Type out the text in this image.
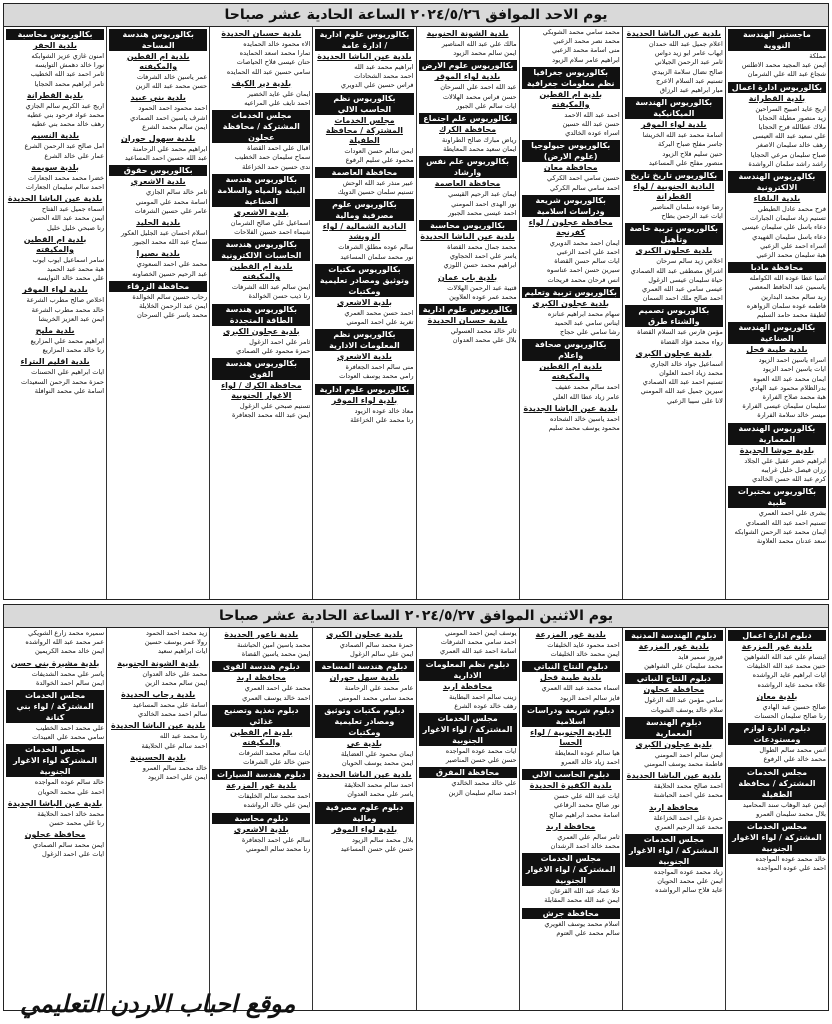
يوم الاحد الموافق ٢٠٢٤/٥/٢٦ الساعة الحادية عشر صباحا
ماجستير الهندسة النووية
مملكة
ايمن عبد المجيد محمد الاطلس
شجاع عبد الله علي الشرمان
بكالوريوس ادارة اعمال
بلدية القطرانة
اريج عايد اصبيح السراحين
زيد منصور مطيلة الحجايا
ملاك عطالله فرح الحجايا
علي سعيد عبد الله العيسى
رهف خالد سليمان الاصغر
صباح سليمان مرعي الحجايا
راشد راشد سلمان الرواشدة
بكالوريوس الهندسة الالكترونية
بلدية البلقاء
فرح محمد عادل الطيطي
تسنيم زياد سليمان الجبارات
دعاء باسل علي سليمان عيسى
دعاء باسل سليمان الفهيدي
اسراء احمد علي الزعبي
هبة سليمان محمد الزعبي
محافظة مادبا
اسيا عطا عوده الله الكوامله
ياسمين عبد الحافظ المعصي
زيد سالم محمد البدارين
فاطمه عوده سلمان الزواهره
لطيفة محمد حامد السليم
بكالوريوس الهندسة الصناعية
بلدية طيبة قحل
اسراء ياسين احمد الزيود
ايات ياسين احمد الزيود
ايمان محمد عبد الله العبوه
بدرالظلام محمود عبد الهادي
هبة محمد صلاح الفرارة
سليمان سليمان عيسى الفرارة
ميسر خالد سلامة الفرارة
بكالوريوس الهندسة المعمارية
بلدية حوشا الجديدة
ابراهيم خضر عقيل علي الجلاد
رزان فيصل خليل غرايبه
كرم عبد الله حسن الخالدي
بكالوريوس مختبرات طبية
بشرى علي احمد العمري
تسنيم احمد عبد الله الصمادي
ايمان محمد عبد الرحمن الشوابكه
سعد عدنان محمد العلاونة
بلدية عين الباشا الجديدة
اعلام جميل عبد الله حمدان
ايهاب عامر ابو زيد دواس
ثامر عبد الرحمن الجيلاني
صالح نضال سلامة الزبيدي
تسنيم عبد السلام الاعرج
ميار ابراهيم عبد الرزاق
بكالوريوس الهندسة الميكانيكية
بلدية لواء الموقر
اسامة محمد عبد الله الخريشا
جاسر مفلح صباح البركة
حنين سليم فلاح الزيود
منصور مفلح علي المساعيد
بكالوريوس تاريخ تاريخ
البادية الجنوبية / لواء القطرانة
رضا عوده سلمان المناصير
ايات عبد الرحمن بطاح
بكالوريوس تربية خاصة وتأهيل
بلدية عجلون الكبرى
اخلاص زيد سالم سرحان
اشراق مصطفى عبد الله الصمادي
حياة سليمان عيسى الزغول
عيسى سامي عبد الله العمري
احمد صالح ملك احمد السمان
بكالوريوس تصميم والشتاء طرق
مؤمن فارس عبد السلام القضاة
رواء محمد فؤاد القضاة
بلدية عجلون الكبرى
اسماعيل جواد خالد الجاري
محمد زياد احمد العلوان
تسنيم احمد عبد الله الصمادي
سيرين جميل عبد الله المومني
لانا على سيبا الزعبي
محمد سامي محمد الشوبكي
محمد نصر محمد الزعبي
منى اسامة محمد الزعبي
ابراهيم عامر سلام الزيود
بكالوريوس جغرافيا نظم معلومات جغرافية
بلدية ام القطين والمكيفته
احمد عبد الله الاحمد
حسن عبد الله حسين
اسراء عوده الخالدي
بكالوريوس جيولوجيا (علوم الارض)
محافظة معان
حسين سامي احمد الكركي
احمد سامي سالم الكركي
بكالوريوس شريعة ودراسات اسلامية
محافظة عجلون / لواء كفرنجة
ايمان احمد محمد الدويري
احمد علي احمد الزعبي
ايات سالم حسن القضاة
سيرين حسن احمد عناسوه
انس فرحان محمد فريحات
بكالوريوس تربية وتعليم
بلدية عجلون الكبرى
سهام محمد ابراهيم عنانزه
ايناس سامي عبد الحميد
رشا سامي علي حجاج
بكالوريوس صحافة واعلام
بلدية ام القطين والمكيفته
احمد سالم محمد عفيف
عامر زياد عطا الله العلي
بلدية عين الباشا الجديدة
احمد ياسين خالد الشحاده
محمود يوسف محمد سليم
بلدية الشونة الجنوبية
مالك علي عبد الله المناصير
ايمن سالم محمد الزيود
بكالوريوس علوم الارض
بلدية لواء الموقر
عبد الله احمد علي السرحان
حسن فراس محمد الهلالات
ايات سالم علي الجبور
بكالوريوس علم اجتماع
محافظة الكرك
رياض مبارك صالح الطراونة
ايمان سعيد محمد المعايطة
بكالوريوس علم نفس وارشاد
محافظة العاصمة
ايمان عبد الرحيم القيسي
نور الهدى احمد المومني
احمد عيسى محمد الجبور
بكالوريوس محاسبة
بلدية عين الباشا الجديدة
محمد جمال محمد القضاة
ياسر علي احمد الحجاوي
ابراهيم محمد حسن اللوزي
بلدية باب عمان
قتيبة عبد الرحمن الهلالات
محمد عمر عوده العلاوين
بكالوريوس علوم ادارية
بلدية حسبان الجديدة
ثائر خالد محمد العسولي
بلال علي محمد العدوان
بكالوريوس علوم ادارية / ادارة عامة
بلدية عين الباشا الجديدة
ابراهيم محمد عبد الله
احمد محمد الشحادات
فراس حسين علي الدويري
بكالوريوس نظم الحاسب الالي
مجلس الخدمات المشتركة / محافظة الطفيلة
ايمن سالم حسن العودات
محمود علي سليم الرفوع
محافظة العاصمة
عبير منذر عبد الله الوحش
تسنيم سلمان حسين الدويك
بكالوريوس علوم مصرفية ومالية
البادية الشمالية / لواء الرويشد
سالم عوده مطلق الشرفات
نور محمد سلمان المساعيد
بكالوريوس مكتبات وتوثيق ومصادر تعليمية ومكتبات
بلدية الاشعري
احمد حسن محمد العمري
تغريد علي احمد المومني
بكالوريوس نظم المعلومات الادارية
بلدية الاشعري
منى سالم احمد الجعافرة
رامي محمد يوسف العودات
بكالوريوس علوم ادارية
بلدية لواء الموقر
معاذ خالد عوده الزيود
رنا محمد علي الخزاعلة
بلدية حسبان الجديدة
الاء محمود خالد الحمايده
تمارا محمد اسعد الحمايده
حنان عيسى فلاح الحياصات
سامي حسين عبد الله الحمايده
بلدية دير الكيف
ايمان علي عايد الخضير
احمد نايف علي المراعيه
مجلس الخدمات المشتركة / محافظة عجلون
اقبال علي احمد القضاة
سماح سليمان حمد الخطيب
ندى حسين حمد الخزاعلة
بكالوريوس هندسة البيئة والمياه والسلامة الصناعية
بلدية الاشعري
اسماعيل علي صالح الشرمان
شيماء احمد حسين الفلاحات
بكالوريوس هندسة الحاسبات الالكترونية
بلدية ام القطين والمكيفته
ايمن سالم عبد الله الشرفات
رنا ذيب حسن الخوالدة
بكالوريوس هندسة الطاقة المتجددة
بلدية عجلون الكبرى
ثامر علي احمد الزغول
حمزة محمود علي الصمادي
بكالوريوس هندسة القوى
محافظة الكرك / لواء الاغوار الجنوبية
تسنيم صبحي علي الزغول
ايمن عبد الله محمد الجعافرة
بكالوريوس هندسة المساحة
بلدية ام القطين والمكيفته
عمر ياسين خالد الشرفات
حسن محمد عبد الله الزبن
بلدية بني عبيد
احمد محمود احمد الحمود
اشرف ياسين احمد الصمادي
ايمن سالم محمد الشرع
بلدية سهول حوران
ابراهيم محمد علي الرحامنة
عبد الله حسين احمد المساعيد
بكالوريوس حقوق
بلدية الاشعري
ثامر خالد سالم الجازي
اسامة محمد علي المومني
عامر علي حسين الشرفات
بلدية الجليد
اسلام احسان عبد الجليل العكور
سماح عبد الله محمد الجبور
بلدية بصيرا
محمد علي احمد السعودي
عبد الرحيم حسين الخصاونه
محافظة الزرقاء
رحاب حسين سالم الخوالدة
ايمن عبد الرحمن الخلايلة
محمد ياسر علي السرحان
بكالوريوس محاسبة
بلدية الجفر
امنون غازي عزيز الشوابكه
نورا خالد دهمش التوايسه
ثامر احمد عبد الله الخطيب
تامر ابراهيم محمد الحجايا
بلدية القطرانة
اريج عبد الكريم سالم الجازي
محمد عواد فرحود بني عطيه
رهف خالد محمد بني عطيه
بلدية النسيم
امل صالح عبد الرحمن الشرع
عمار علي خالد الشرع
بلدية سويمة
خضرا محمد محمد الجعارات
احمد سالم سليمان الجعارات
بلدية عين الباشا الجديدة
اسماء جميل عبد الفتاح
ايمن محمد عبد الله الحسن
رنا صبحي خليل خليل
بلدية ام القطين والمكيفته
سامر اسماعيل ايوب ايوب
هبة محمد عبد الحميد
علي محمد خالد النوايسه
بلدية لواء الموقر
اخلاص صالح مطرب الشرعة
خالد محمد مطرب الشرعة
ايمن عبد العزيز الخريشا
بلدية مليح
ابراهيم محمد علي المزاريع
رنا خالد محمد المزاريع
بلدية اقليم البتراء
ايات ابراهيم علي الحسنات
حمزة محمد الرحمن السعيدات
اسامة علي محمد النوافلة
يوم الاثنين الموافق ٢٠٢٤/٥/٢٧ الساعة الحادية عشر صباحا
دبلوم ادارة اعمال
بلدية غور المزرعة
ابتسام علي عبد الله الشواهين
حنين محمد عبد الله الخليفات
ايات ابراهيم عايد الرواشده
علاء محمد عايد الرواشده
بلدية معان
صالح حسين عبد الهادي
رنا صالح سليمان الحسنات
دبلوم ادارة لوازم ومستودعات
انس محمد سالم الطوال
محمد خالد علي الرفوع
مجلس الخدمات المشتركة / محافظة الطفيلة
ايمن عبد الوهاب سند المحاميد
بلال محمد سليمان العمرو
مجلس الخدمات المشتركة / لواء الاغوار الجنوبية
خالد محمد عوده المواجده
احمد علي عوده المواجده
دبلوم الهندسة المدنية
بلدية غور المزرعة
فيروز سمير قايد
محمد سليمان علي الشواهين
دبلوم النتاج النباتي
محافظة عجلون
سامي مؤمن عبد الله الزغول
سلام خالد يوسف الشويات
دبلوم الهندسة المعمارية
بلدية عجلون الكبرى
ايمن سالم احمد المومني
فاطمة محمد يوسف المومني
بلدية عين الباشا الجديدة
احمد صالح محمد الحلايقة
محمد علي احمد الحباشنة
محافظة اربد
حمزة علي احمد الخزاعلة
محمد عبد الرحيم العمري
مجلس الخدمات المشتركة / لواء الاغوار الجنوبية
زياد محمد عوده المواجده
ايمن علي محمد الحويان
عايد فلاح سالم الرواشده
بلدية غور المزرعة
احمد محمود عايد الخليفات
ايمن محمد خالد الخليفات
دبلوم النتاج النباتي
بلدية طيبة قحل
اسماء محمد عبد الله العمري
فايز سالم احمد الزيود
دبلوم شريعة ودراسات اسلامية
البادية الجنوبية / لواء الحسا
هيا سالم عوده المعايطة
احمد زياد خالد العمرو
دبلوم الحاسب الالي
بلدية الكفيرة الجديدة
ايات عبد الله علي حسن
نور صالح محمد الرفاعي
اسامة محمد ابراهيم صالح
محافظة اربد
ثامر سالم علي العمري
محمد خالد احمد الرشدان
مجلس الخدمات المشتركة / لواء الاغوار الجنوبية
حلا عماد عبد الله القرعان
ايمن عبد الله محمد المقابلة
محافظة جرش
اسلام محمد يوسف الغويري
سالم محمد علي العتوم
يوسف ايمن احمد المومني
احمد سامي محمد الشرفات
اسامة احمد عبد الله العمري
دبلوم نظم المعلومات الادارية
محافظة اربد
زينب سالم احمد البطاينة
رهف خالد عوده الشرع
مجلس الخدمات المشتركة / لواء الاغوار الجنوبية
ايات محمد عوده المواجده
حسن علي حسن المناصير
محافظة المفرق
علي خالد محمد الخالدي
احمد سالم سليمان الزبن
بلدية عجلون الكبرى
حمزة محمد سالم الصمادي
ايمن علي سالم الزغول
دبلوم هندسة المساحة
بلدية سهل حوران
عامر محمد علي الرحامنة
محمد سامي محمد المومني
دبلوم مكتبات وتوثيق ومصادر تعليمية ومكتبات
بلدية عي
ايمان محمود علي العضايلة
ايمن محمد يوسف الحويان
بلدية عين الباشا الجديدة
احمد سالم محمد الحلايقة
ياسر علي محمد العدوان
دبلوم علوم مصرفية ومالية
بلدية لواء الموقر
بلال محمد سالم الزيود
حسن علي حسن المساعيد
بلدية ناعور الجديدة
محمد ياسين امين الحباشنة
ايمن محمد ياسين القضاة
دبلوم هندسة القوى
محافظة اربد
محمد علي احمد العمري
احمد خالد يوسف العمري
دبلوم تغذية وتصنيع غذائي
بلدية ام القطين والمكيفته
ايات سالم محمد الشرفات
حنين خالد علي الشرفات
دبلوم هندسة السيارات
بلدية غور المزرعة
احمد محمد سالم الخليفات
ايمن علي خالد الرواشده
دبلوم محاسبة
بلدية الاشعري
سالم علي احمد الجعافرة
رنا محمد سالم المومني
زيد محمد احمد الحمود
رولا عمر يوسف حسين
ايات ابراهيم سعيد
بلدية الشونة الجنوبية
محمد علي خالد العدوان
ايمن سالم محمد الزبن
بلدية رحاب الجديدة
اسامة علي محمد المساعيد
سالم احمد محمد الخالدي
بلدية عين الباشا الجديدة
رنا محمد عبد الله
احمد سالم علي الحلايقة
بلدية الحسينية
خالد محمد سالم العمرو
ايمن علي احمد الزيود
سميره محمد زارع الشويكي
عمر محمد عبد الله الرواشده
ايمن خالد محمد الكريمين
بلدية مشيرة بني حسن
ياسر علي محمد الشديفات
ايمن سالم احمد الخوالدة
مجلس الخدمات المشتركة / لواء بني كنانة
علي محمد احمد الخطيب
سامي محمد علي العبيدات
مجلس الخدمات المشتركة لواء الاغوار الجنوبية
خالد سالم عوده المواجده
احمد علي محمد الحويان
بلدية عين الباشا الجديدة
محمد خالد احمد الحلايقة
رنا علي محمد حسن
محافظة عجلون
ايمن محمد سالم الصمادي
ايات علي احمد الزغول
موقع احباب الاردن التعليمي
